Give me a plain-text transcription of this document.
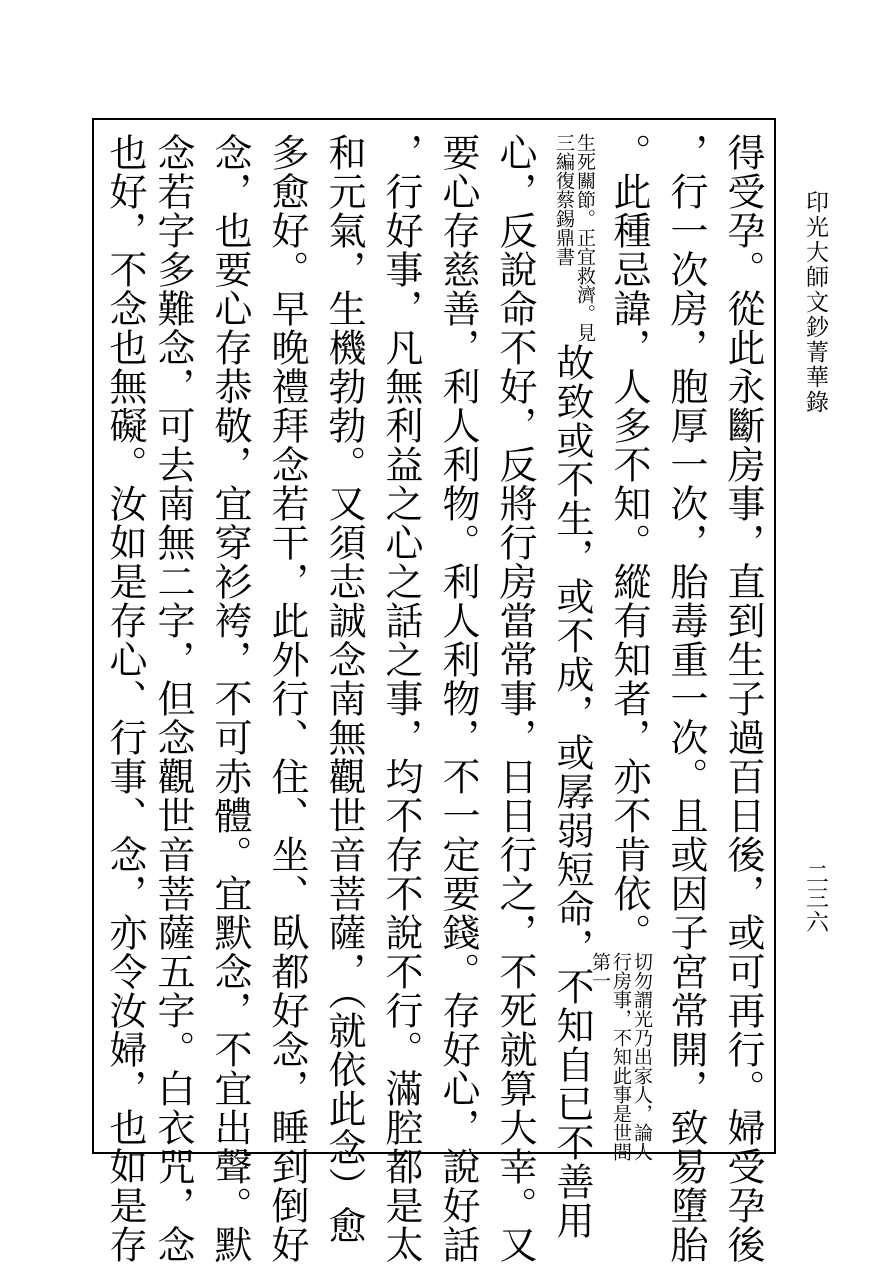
印光大師文鈔菁華錄
二三六
得受孕。從此永斷房事，直到生子過百日後，或可再行。婦受孕後
，行一次房，胞厚一次，胎毒重一次。且或因子宮常開，致易墮胎
。此種忌諱，人多不知。縱有知者，亦不肯依。切勿謂光乃出家人，論人行房事，不知此事是世間第一
生死關節。正宜救濟。見三編復蔡錫鼎書故致或不生，或不成，或孱弱短命，不知自已不善用
心，反說命不好，反將行房當常事，日日行之，不死就算大幸。又
要心存慈善，利人利物。利人利物，不一定要錢。存好心，說好話
，行好事，凡無利益之心之話之事，均不存不說不行。滿腔都是太
和元氣，生機勃勃。又須志誠念南無觀世音菩薩，（就依此念）愈
多愈好。早晚禮拜念若干，此外行、住、坐、臥都好念，睡到倒好
念，也要心存恭敬，宜穿衫袴，不可赤體。宜默念，不宜出聲。默
念若字多難念，可去南無二字，但念觀世音菩薩五字。白衣咒，念
也好，不念也無礙。汝如是存心、行事、念，亦令汝婦，也如是存
